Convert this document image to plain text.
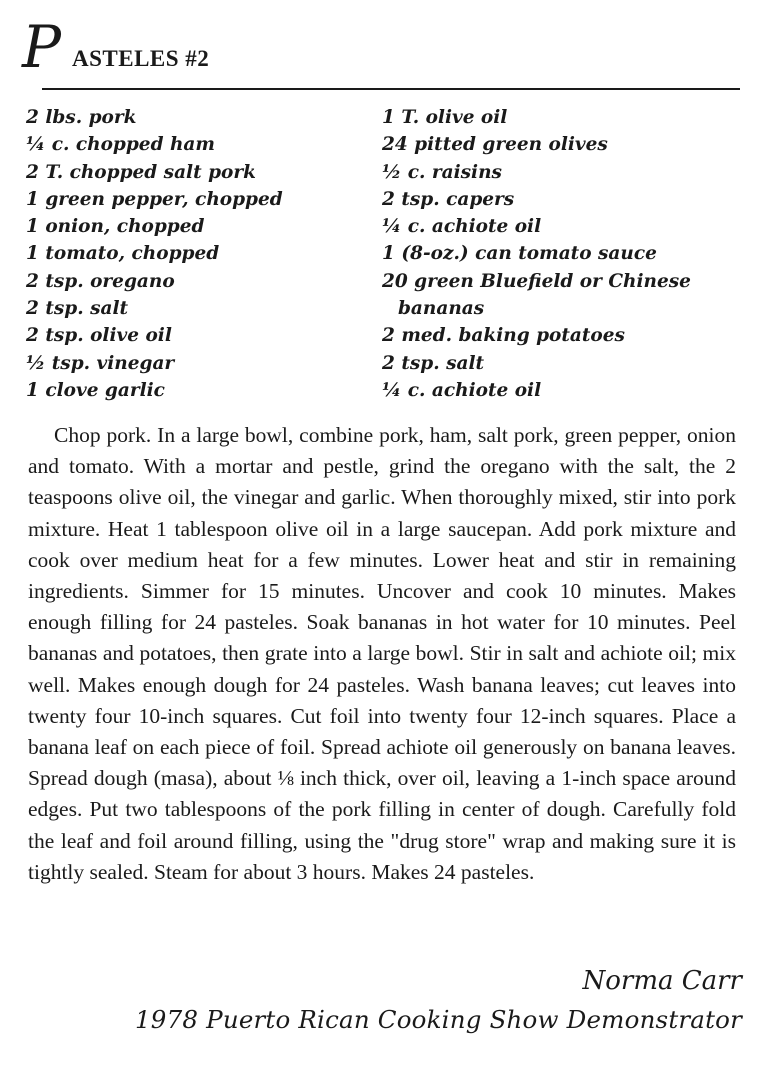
P ASTELES #2
2 lbs. pork
¼ c. chopped ham
2 T. chopped salt pork
1 green pepper, chopped
1 onion, chopped
1 tomato, chopped
2 tsp. oregano
2 tsp. salt
2 tsp. olive oil
½ tsp. vinegar
1 clove garlic
1 T. olive oil
24 pitted green olives
½ c. raisins
2 tsp. capers
¼ c. achiote oil
1 (8-oz.) can tomato sauce
20 green Bluefield or Chinese
bananas
2 med. baking potatoes
2 tsp. salt
¼ c. achiote oil

Chop pork. In a large bowl, combine pork, ham, salt pork, green pepper, onion and tomato. With a mortar and pestle, grind the oregano with the salt, the 2 teaspoons olive oil, the vinegar and garlic. When thoroughly mixed, stir into pork mixture. Heat 1 tablespoon olive oil in a large saucepan. Add pork mixture and cook over medium heat for a few minutes. Lower heat and stir in remaining ingredients. Simmer for 15 minutes. Uncover and cook 10 minutes. Makes enough filling for 24 pasteles. Soak bananas in hot water for 10 minutes. Peel bananas and potatoes, then grate into a large bowl. Stir in salt and achiote oil; mix well. Makes enough dough for 24 pasteles. Wash banana leaves; cut leaves into twenty four 10-inch squares. Cut foil into twenty four 12-inch squares. Place a banana leaf on each piece of foil. Spread achiote oil generously on banana leaves. Spread dough (masa), about ⅛ inch thick, over oil, leaving a 1-inch space around edges. Put two tablespoons of the pork filling in center of dough. Carefully fold the leaf and foil around filling, using the "drug store" wrap and making sure it is tightly sealed. Steam for about 3 hours. Makes 24 pasteles.

Norma Carr
1978 Puerto Rican Cooking Show Demonstrator
